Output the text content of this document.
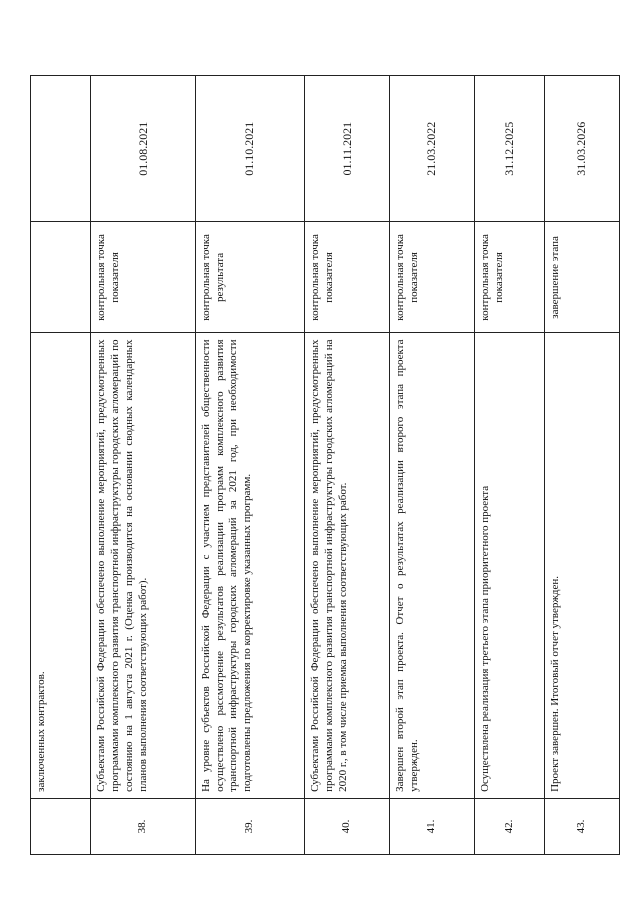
	заключенных контрактов.		
38.	Субъектами Российской Федерации обеспечено выполнение мероприятий, предусмотренных программами комплексного развития транспортной инфраструктуры городских агломераций по состоянию на 1 августа 2021 г. (Оценка производится на основании сводных календарных планов выполнения соответствующих работ).	контрольная точка показателя	01.08.2021
39.	На уровне субъектов Российской Федерации с участием представителей общественности осуществлено рассмотрение результатов реализации программ комплексного развития транспортной инфраструктуры городских агломераций за 2021 год, при необходимости подготовлены предложения по корректировке указанных программ.	контрольная точка результата	01.10.2021
40.	Субъектами Российской Федерации обеспечено выполнение мероприятий, предусмотренных программами комплексного развития транспортной инфраструктуры городских агломераций на 2020 г., в том числе приемка выполнения соответствующих работ.	контрольная точка показателя	01.11.2021
41.	Завершен второй этап проекта. Отчет о результатах реализации второго этапа проекта утвержден.	контрольная точка показателя	21.03.2022
42.	Осуществлена реализация третьего этапа приоритетного проекта	контрольная точка показателя	31.12.2025
43.	Проект завершен. Итоговый отчет утвержден.	завершение этапа	31.03.2026
